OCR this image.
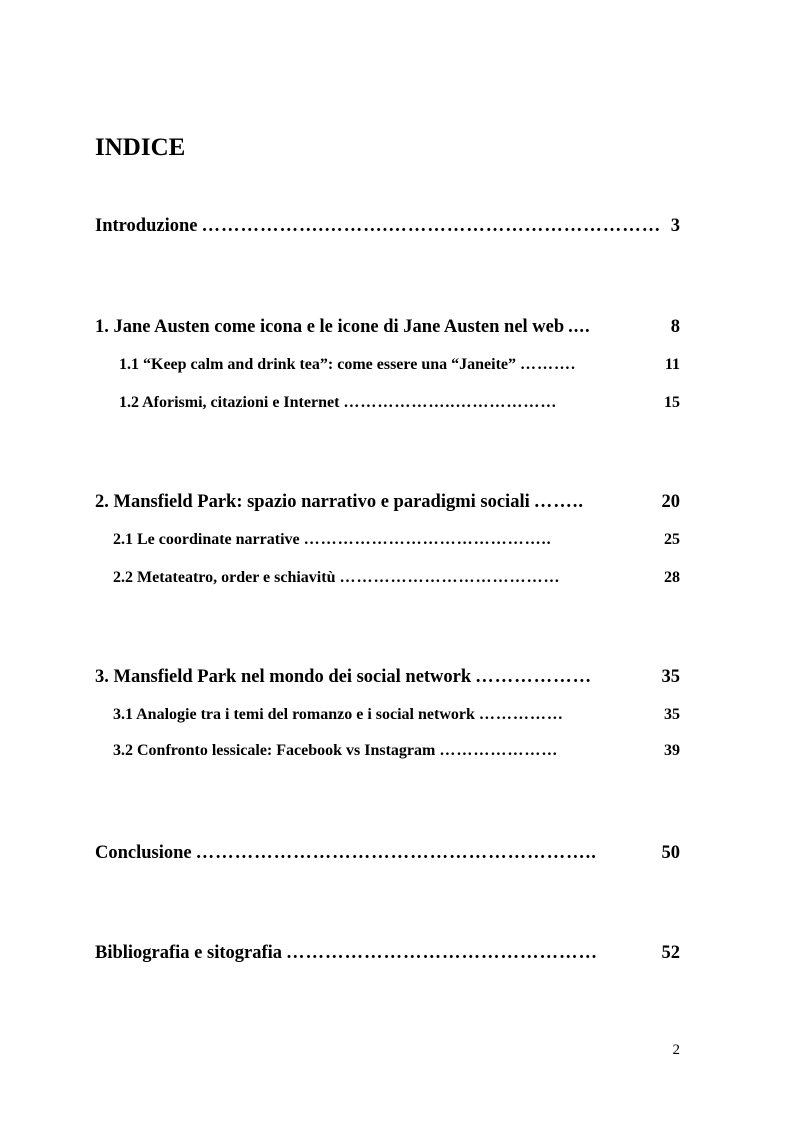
INDICE
Introduzione ……………….……….…………………………………… 3
1. Jane Austen come icona e le icone di Jane Austen nel web ....	8
1.1 “Keep calm and drink tea”: come essere una “Janeite” ……….	11
1.2 Aforismi, citazioni e Internet ………………..………………	15
2. Mansfield Park: spazio narrativo e paradigmi sociali ……..	20
2.1 Le coordinate narrative ……………………………………..	25
2.2 Metateatro, order e schiavitù …………………………………	28
3. Mansfield Park nel mondo dei social network ………………	35
3.1 Analogie tra i temi del romanzo e i social network ……………	35
3.2 Confronto lessicale: Facebook vs Instagram …………………	39
Conclusione ……………………………………………………..	50
Bibliografia e sitografia …………………………………………	52
2
